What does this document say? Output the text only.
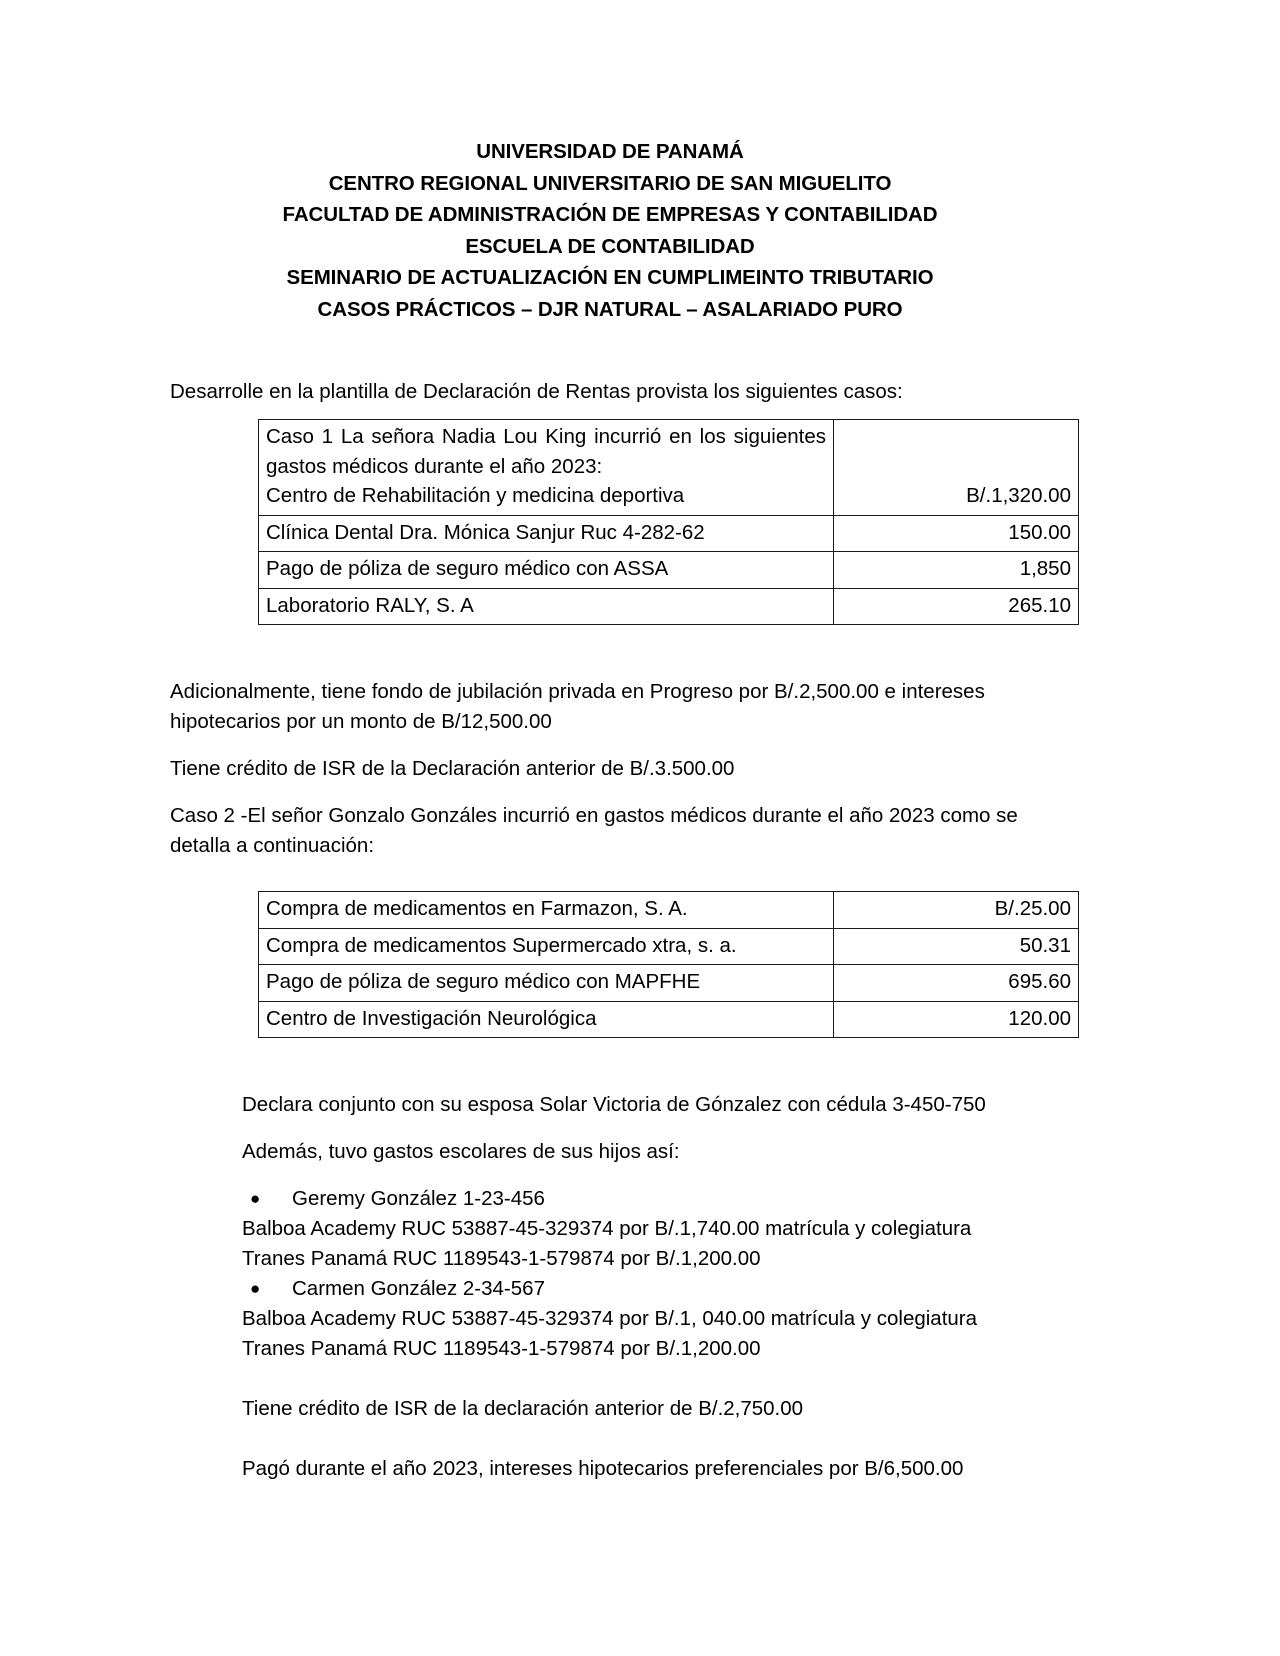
UNIVERSIDAD DE PANAMÁ
CENTRO REGIONAL UNIVERSITARIO DE SAN MIGUELITO
FACULTAD DE ADMINISTRACIÓN DE EMPRESAS Y CONTABILIDAD
ESCUELA DE CONTABILIDAD
SEMINARIO DE ACTUALIZACIÓN EN CUMPLIMEINTO TRIBUTARIO
CASOS PRÁCTICOS – DJR NATURAL – ASALARIADO PURO

Desarrolle en la plantilla de Declaración de Rentas provista los siguientes casos:

Caso 1 La señora Nadia Lou King incurrió en los siguientes gastos médicos durante el año 2023:
Centro de Rehabilitación y medicina deportiva	B/.1,320.00
Clínica Dental Dra. Mónica Sanjur Ruc 4-282-62	150.00
Pago de póliza de seguro médico con ASSA	1,850
Laboratorio RALY, S. A	265.10

Adicionalmente, tiene fondo de jubilación privada en Progreso por B/.2,500.00 e intereses hipotecarios por un monto de B/12,500.00

Tiene crédito de ISR de la Declaración anterior de B/.3.500.00

Caso 2 -El señor Gonzalo Gonzáles incurrió en gastos médicos durante el año 2023 como se detalla a continuación:

Compra de medicamentos en Farmazon, S. A.	B/.25.00
Compra de medicamentos Supermercado xtra, s. a.	50.31
Pago de póliza de seguro médico con MAPFHE	695.60
Centro de Investigación Neurológica	120.00

Declara conjunto con su esposa Solar Victoria de Gónzalez con cédula 3-450-750

Además, tuvo gastos escolares de sus hijos así:

● Geremy González 1-23-456
Balboa Academy RUC 53887-45-329374 por B/.1,740.00 matrícula y colegiatura
Tranes Panamá RUC 1189543-1-579874 por B/.1,200.00
● Carmen González 2-34-567
Balboa Academy RUC 53887-45-329374 por B/.1, 040.00 matrícula y colegiatura
Tranes Panamá RUC 1189543-1-579874 por B/.1,200.00

Tiene crédito de ISR de la declaración anterior de B/.2,750.00

Pagó durante el año 2023, intereses hipotecarios preferenciales por B/6,500.00
